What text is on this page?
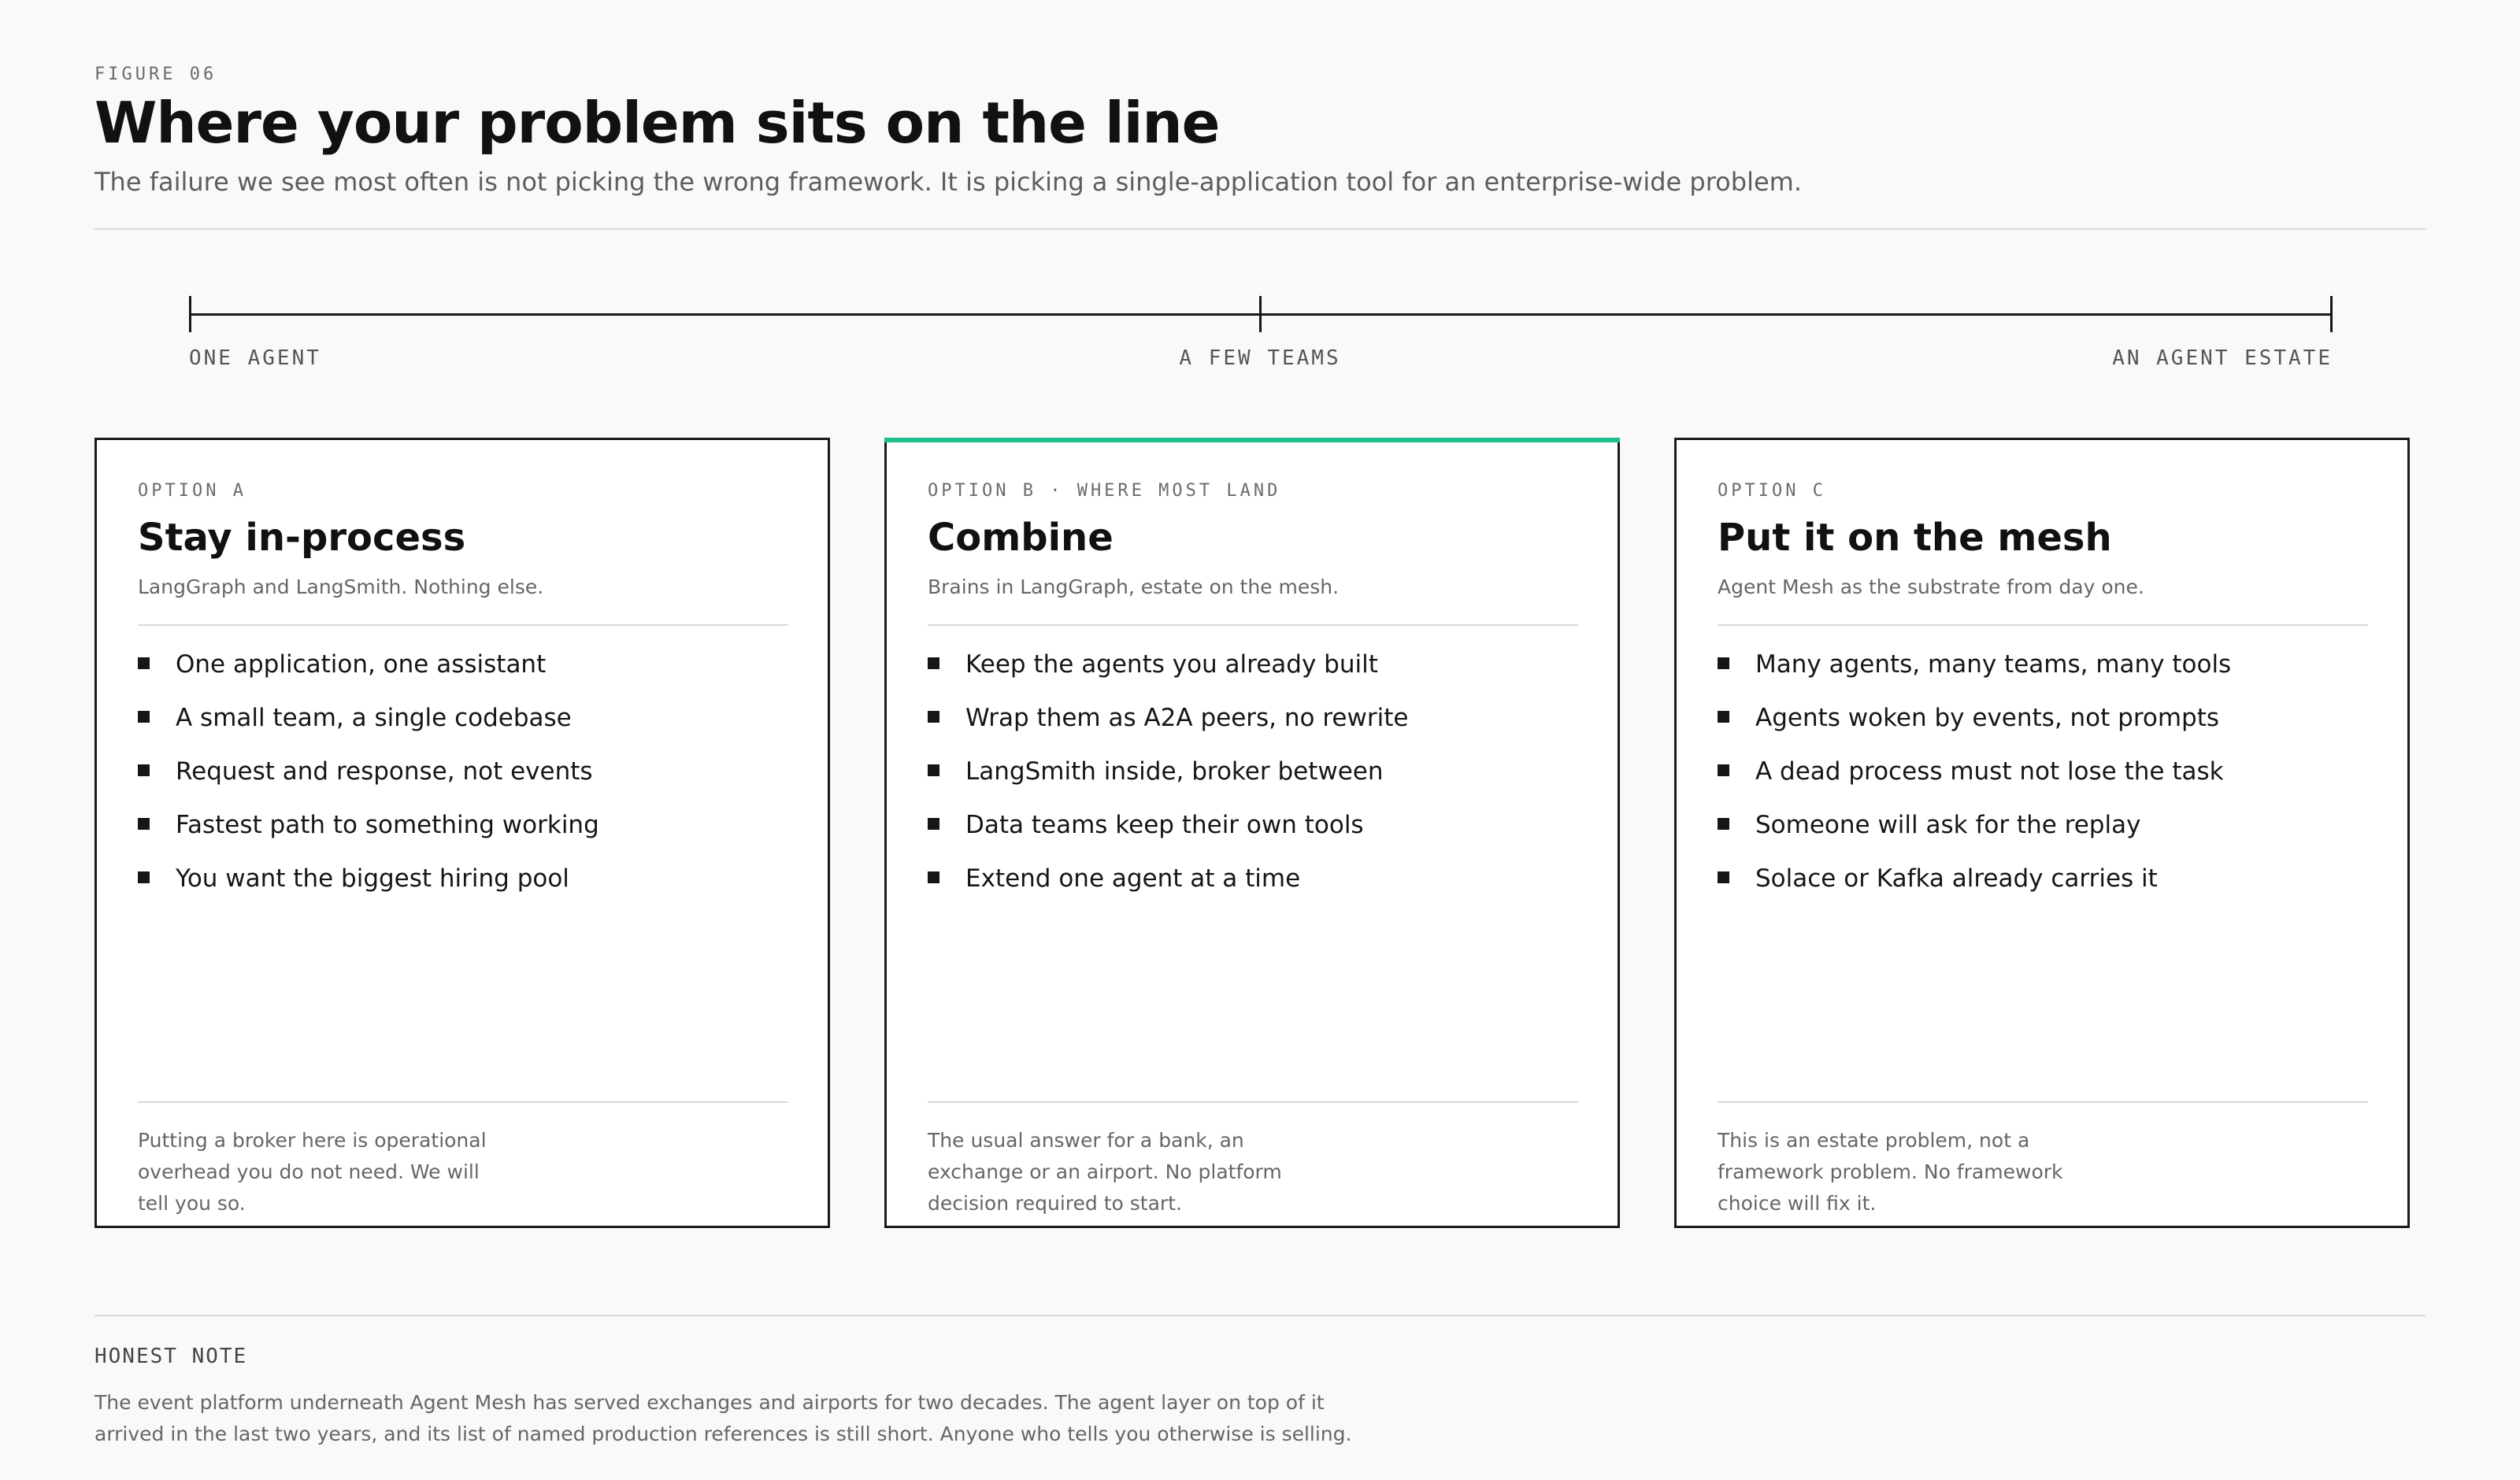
FIGURE 06
Where your problem sits on the line
The failure we see most often is not picking the wrong framework. It is picking a single-application tool for an enterprise-wide problem.
ONE AGENT	A FEW TEAMS	AN AGENT ESTATE
OPTION A
Stay in-process
LangGraph and LangSmith. Nothing else.
One application, one assistant
A small team, a single codebase
Request and response, not events
Fastest path to something working
You want the biggest hiring pool
Putting a broker here is operational overhead you do not need. We will tell you so.
OPTION B · WHERE MOST LAND
Combine
Brains in LangGraph, estate on the mesh.
Keep the agents you already built
Wrap them as A2A peers, no rewrite
LangSmith inside, broker between
Data teams keep their own tools
Extend one agent at a time
The usual answer for a bank, an exchange or an airport. No platform decision required to start.
OPTION C
Put it on the mesh
Agent Mesh as the substrate from day one.
Many agents, many teams, many tools
Agents woken by events, not prompts
A dead process must not lose the task
Someone will ask for the replay
Solace or Kafka already carries it
This is an estate problem, not a framework problem. No framework choice will fix it.
HONEST NOTE
The event platform underneath Agent Mesh has served exchanges and airports for two decades. The agent layer on top of it arrived in the last two years, and its list of named production references is still short. Anyone who tells you otherwise is selling.
